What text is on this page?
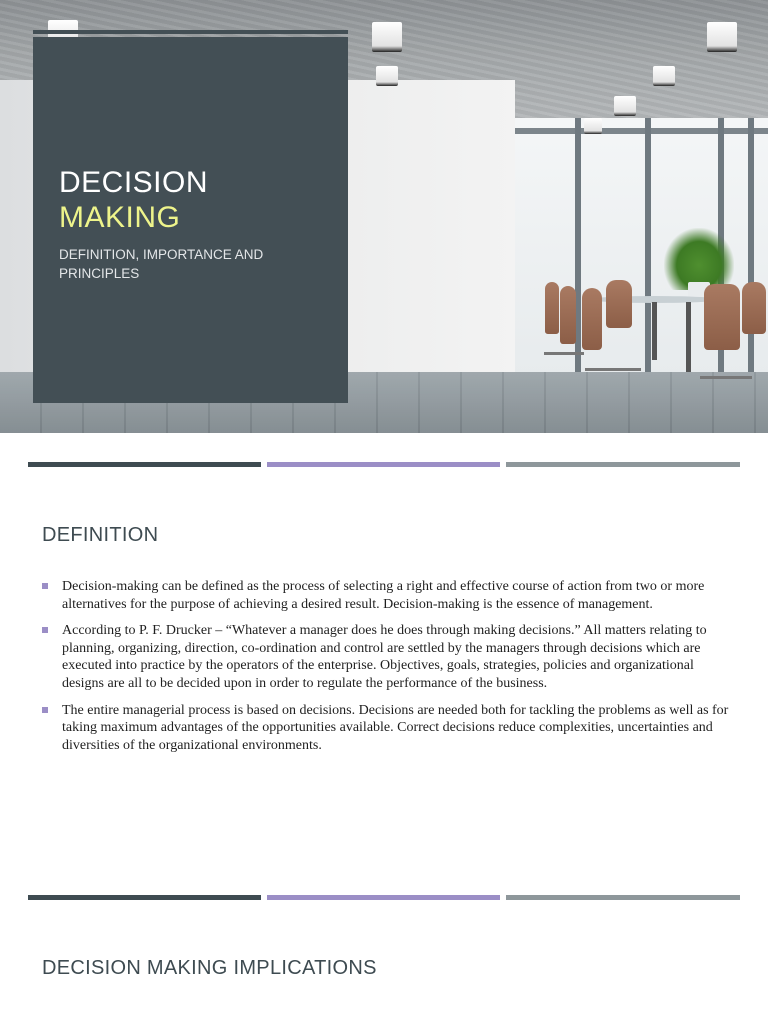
DECISION
MAKING
DEFINITION, IMPORTANCE AND PRINCIPLES
DEFINITION
Decision-making can be defined as the process of selecting a right and effective course of action from two or more alternatives for the purpose of achieving a desired result. Decision-making is the essence of management.
According to P. F. Drucker – “Whatever a manager does he does through making decisions.” All matters relating to planning, organizing, direction, co-ordination and control are settled by the managers through decisions which are executed into practice by the operators of the enterprise. Objectives, goals, strategies, policies and organizational designs are all to be decided upon in order to regulate the performance of the business.
The entire managerial process is based on decisions. Decisions are needed both for tackling the problems as well as for taking maximum advantages of the opportunities available. Correct decisions reduce complexities, uncertainties and diversities of the organizational environments.
DECISION MAKING IMPLICATIONS
